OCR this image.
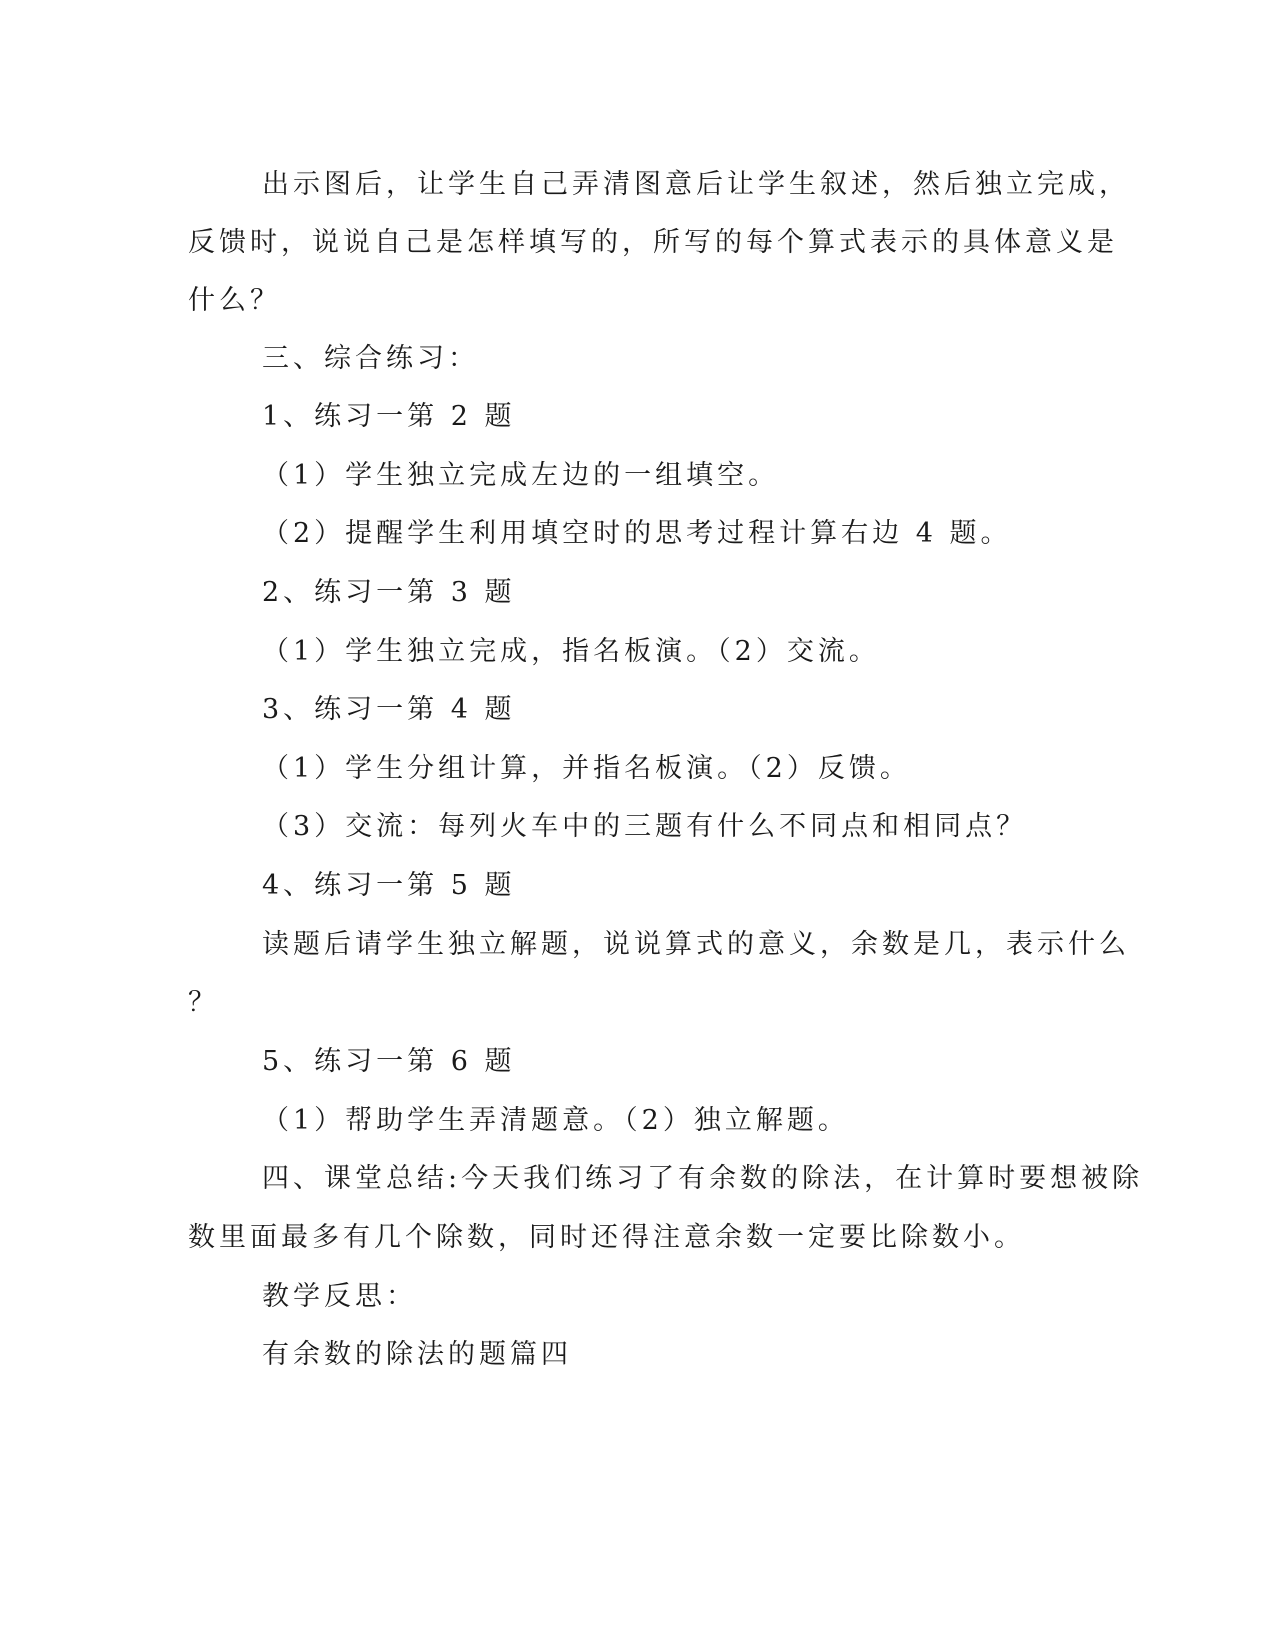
出示图后，让学生自己弄清图意后让学生叙述，然后独立完成，
反馈时，说说自己是怎样填写的，所写的每个算式表示的具体意义是
什么？
三、综合练习：
1、练习一第 2 题
（1）学生独立完成左边的一组填空。
（2）提醒学生利用填空时的思考过程计算右边 4 题。
2、练习一第 3 题
（1）学生独立完成，指名板演。（2）交流。
3、练习一第 4 题
（1）学生分组计算，并指名板演。（2）反馈。
（3）交流：每列火车中的三题有什么不同点和相同点？
4、练习一第 5 题
读题后请学生独立解题，说说算式的意义，余数是几，表示什么
？
5、练习一第 6 题
（1）帮助学生弄清题意。（2）独立解题。
四、课堂总结:今天我们练习了有余数的除法，在计算时要想被除
数里面最多有几个除数，同时还得注意余数一定要比除数小。
教学反思：
有余数的除法的题篇四
